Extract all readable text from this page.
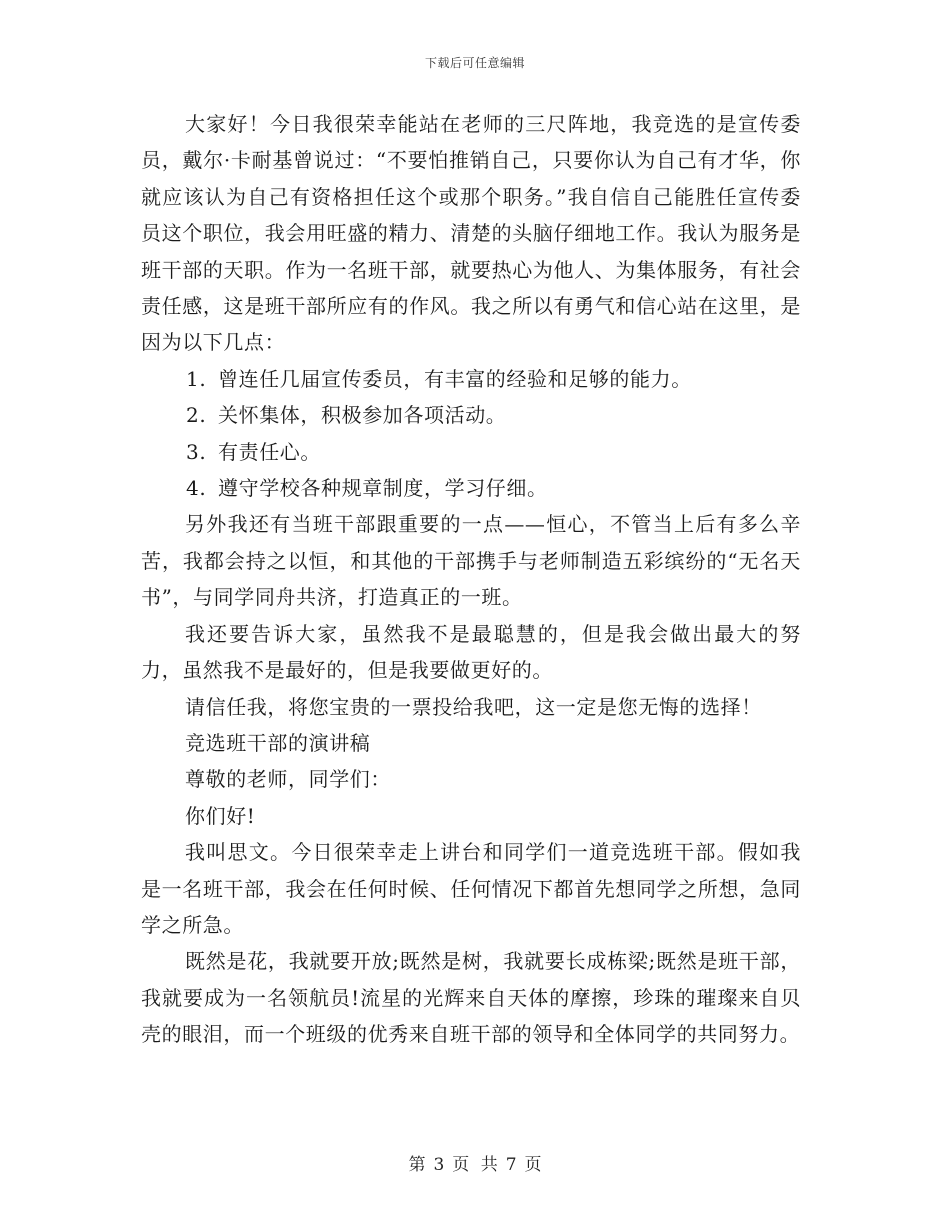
下载后可任意编辑

大家好！今日我很荣幸能站在老师的三尺阵地，我竞选的是宣传委员，戴尔·卡耐基曾说过：“不要怕推销自己，只要你认为自己有才华，你就应该认为自己有资格担任这个或那个职务。”我自信自己能胜任宣传委员这个职位，我会用旺盛的精力、清楚的头脑仔细地工作。我认为服务是班干部的天职。作为一名班干部，就要热心为他人、为集体服务，有社会责任感，这是班干部所应有的作风。我之所以有勇气和信心站在这里，是因为以下几点：

1. 曾连任几届宣传委员，有丰富的经验和足够的能力。
2. 关怀集体，积极参加各项活动。
3. 有责任心。
4. 遵守学校各种规章制度，学习仔细。

另外我还有当班干部跟重要的一点——恒心，不管当上后有多么辛苦，我都会持之以恒，和其他的干部携手与老师制造五彩缤纷的“无名天书”，与同学同舟共济，打造真正的一班。

我还要告诉大家，虽然我不是最聪慧的，但是我会做出最大的努力，虽然我不是最好的，但是我要做更好的。

请信任我，将您宝贵的一票投给我吧，这一定是您无悔的选择！

竞选班干部的演讲稿

尊敬的老师，同学们：

你们好!

我叫思文。今日很荣幸走上讲台和同学们一道竞选班干部。假如我是一名班干部，我会在任何时候、任何情况下都首先想同学之所想，急同学之所急。

既然是花，我就要开放;既然是树，我就要长成栋梁;既然是班干部，我就要成为一名领航员!流星的光辉来自天体的摩擦，珍珠的璀璨来自贝壳的眼泪，而一个班级的优秀来自班干部的领导和全体同学的共同努力。

第 3 页 共 7 页
